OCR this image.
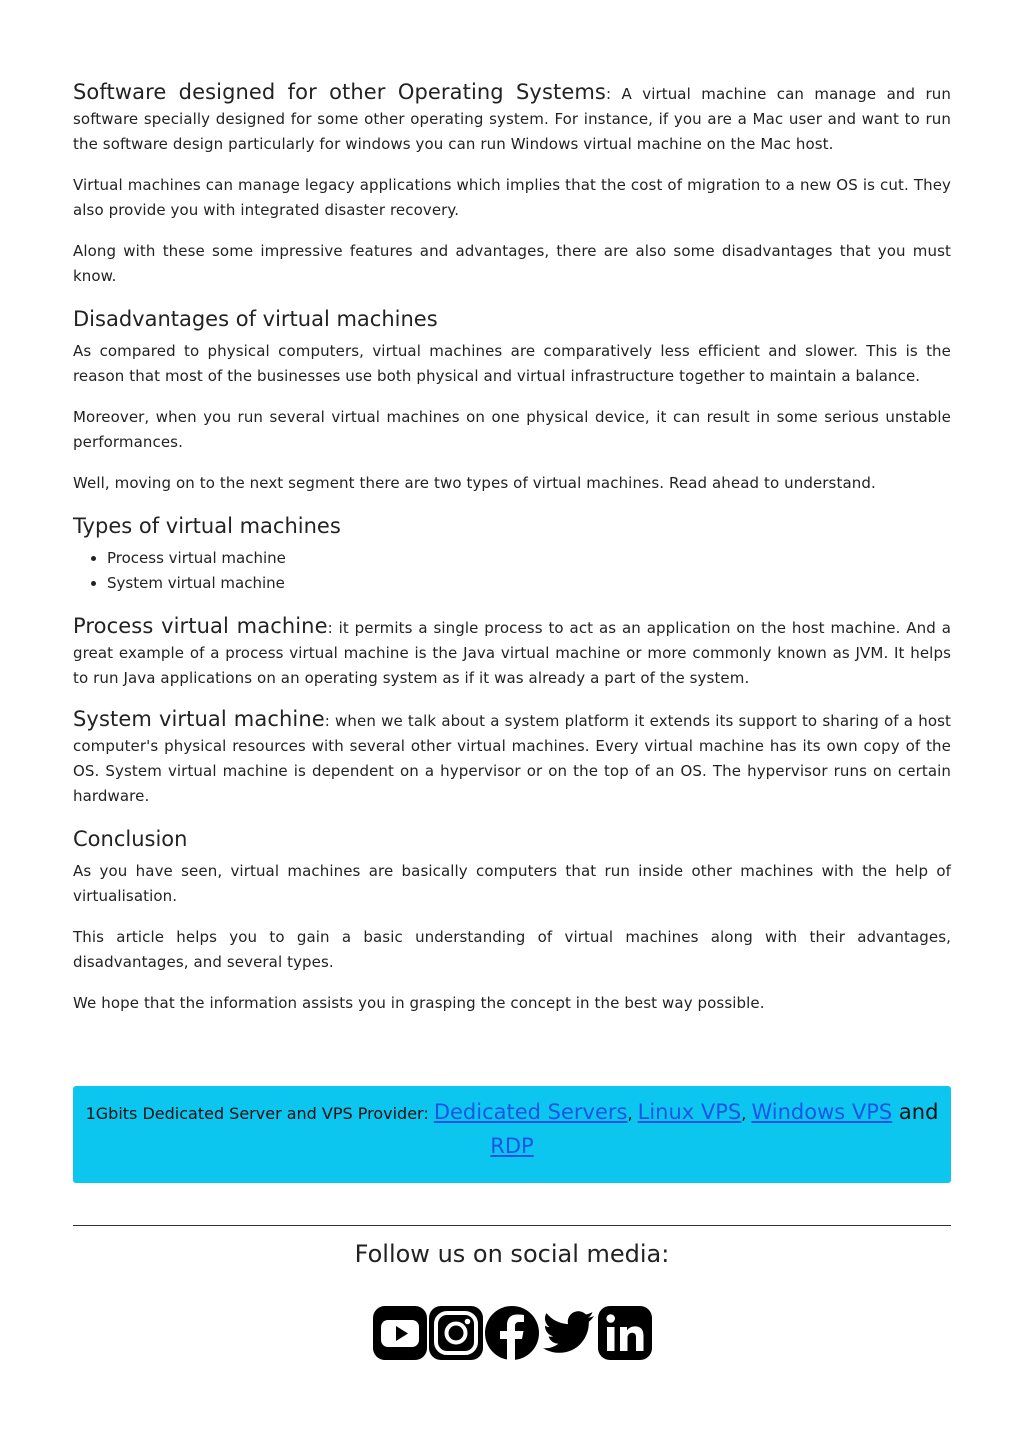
Software designed for other Operating Systems: A virtual machine can manage and run software specially designed for some other operating system. For instance, if you are a Mac user and want to run the software design particularly for windows you can run Windows virtual machine on the Mac host.

Virtual machines can manage legacy applications which implies that the cost of migration to a new OS is cut. They also provide you with integrated disaster recovery.

Along with these some impressive features and advantages, there are also some disadvantages that you must know.

Disadvantages of virtual machines

As compared to physical computers, virtual machines are comparatively less efficient and slower. This is the reason that most of the businesses use both physical and virtual infrastructure together to maintain a balance.

Moreover, when you run several virtual machines on one physical device, it can result in some serious unstable performances.

Well, moving on to the next segment there are two types of virtual machines. Read ahead to understand.

Types of virtual machines
• Process virtual machine
• System virtual machine

Process virtual machine: it permits a single process to act as an application on the host machine. And a great example of a process virtual machine is the Java virtual machine or more commonly known as JVM. It helps to run Java applications on an operating system as if it was already a part of the system.

System virtual machine: when we talk about a system platform it extends its support to sharing of a host computer's physical resources with several other virtual machines. Every virtual machine has its own copy of the OS. System virtual machine is dependent on a hypervisor or on the top of an OS. The hypervisor runs on certain hardware.

Conclusion

As you have seen, virtual machines are basically computers that run inside other machines with the help of virtualisation.

This article helps you to gain a basic understanding of virtual machines along with their advantages, disadvantages, and several types.

We hope that the information assists you in grasping the concept in the best way possible.

1Gbits Dedicated Server and VPS Provider: Dedicated Servers, Linux VPS, Windows VPS and
RDP
Follow us on social media:
